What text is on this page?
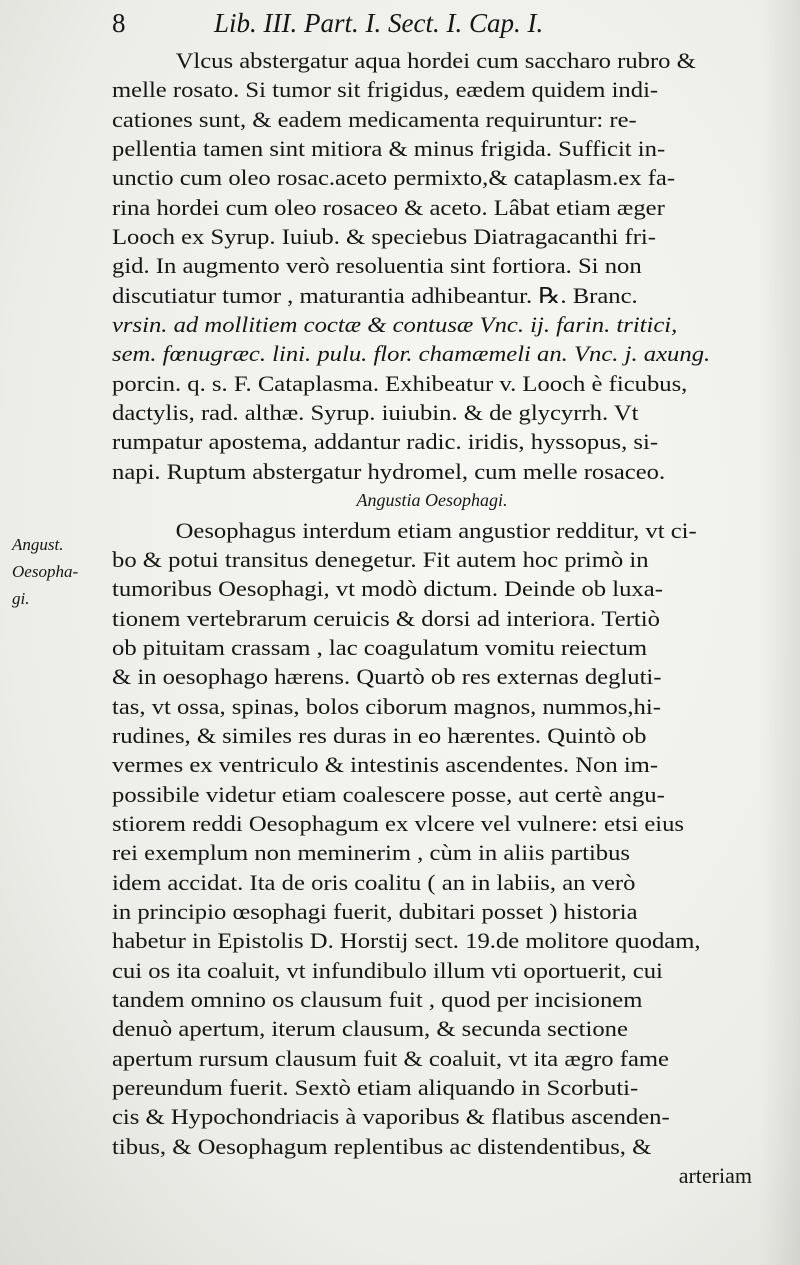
8	Lib. III. Part. I. Sect. I. Cap. I.
Angust.
Oesopha-
gi.
Vlcus abstergatur aqua hordei cum saccharo rubro &
melle rosato. Si tumor sit frigidus, eædem quidem indi-
cationes sunt, & eadem medicamenta requiruntur: re-
pellentia tamen sint mitiora & minus frigida. Sufficit in-
unctio cum oleo rosac.aceto permixto,& cataplasm.ex fa-
rina hordei cum oleo rosaceo & aceto. Lâbat etiam æger
Looch ex Syrup. Iuiub. & speciebus Diatragacanthi fri-
gid. In augmento verò resoluentia sint fortiora. Si non
discutiatur tumor , maturantia adhibeantur. ℞. Branc.
vrsin. ad mollitiem coctæ & contusæ Vnc. ij. farin. tritici,
sem. fœnugræc. lini. pulu. flor. chamæmeli an. Vnc. j. axung.
porcin. q. s. F. Cataplasma. Exhibeatur v. Looch è ficubus,
dactylis, rad. althæ. Syrup. iuiubin. & de glycyrrh. Vt
rumpatur apostema, addantur radic. iridis, hyssopus, si-
napi. Ruptum abstergatur hydromel, cum melle rosaceo.
Angustia Oesophagi.
Oesophagus interdum etiam angustior redditur, vt ci-
bo & potui transitus denegetur. Fit autem hoc primò in
tumoribus Oesophagi, vt modò dictum. Deinde ob luxa-
tionem vertebrarum ceruicis & dorsi ad interiora. Tertiò
ob pituitam crassam , lac coagulatum vomitu reiectum
& in oesophago hærens. Quartò ob res externas degluti-
tas, vt ossa, spinas, bolos ciborum magnos, nummos,hi-
rudines, & similes res duras in eo hærentes. Quintò ob
vermes ex ventriculo & intestinis ascendentes. Non im-
possibile videtur etiam coalescere posse, aut certè angu-
stiorem reddi Oesophagum ex vlcere vel vulnere: etsi eius
rei exemplum non meminerim , cùm in aliis partibus
idem accidat. Ita de oris coalitu ( an in labiis, an verò
in principio œsophagi fuerit, dubitari posset ) historia
habetur in Epistolis D. Horstij sect. 19.de molitore quodam,
cui os ita coaluit, vt infundibulo illum vti oportuerit, cui
tandem omnino os clausum fuit , quod per incisionem
denuò apertum, iterum clausum, & secunda sectione
apertum rursum clausum fuit & coaluit, vt ita ægro fame
pereundum fuerit. Sextò etiam aliquando in Scorbuti-
cis & Hypochondriacis à vaporibus & flatibus ascenden-
tibus, & Oesophagum replentibus ac distendentibus, &
arteriam
